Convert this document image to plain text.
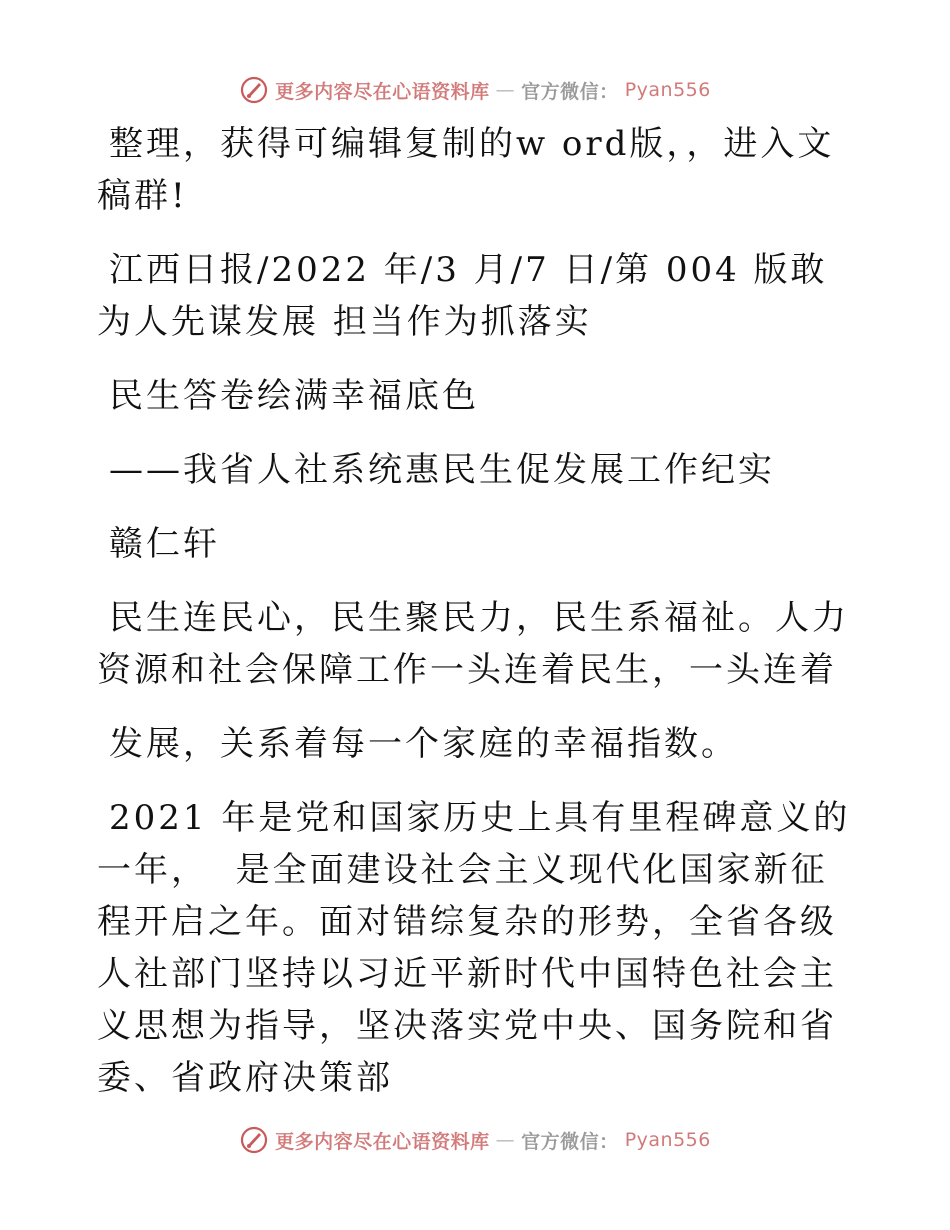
更多内容尽在心语资料库 — 官方微信： Pyan556

整理，获得可编辑复制的w ord版，，进入文稿群!

江西日报/2022 年/3 月/7 日/第 004 版敢为人先谋发展 担当作为抓落实

民生答卷绘满幸福底色

——我省人社系统惠民生促发展工作纪实

赣仁轩

民生连民心，民生聚民力，民生系福祉。人力资源和社会保障工作一头连着民生，一头连着

发展，关系着每一个家庭的幸福指数。

2021 年是党和国家历史上具有里程碑意义的一年，  是全面建设社会主义现代化国家新征程开启之年。面对错综复杂的形势，全省各级人社部门坚持以习近平新时代中国特色社会主义思想为指导，坚决落实党中央、国务院和省委、省政府决策部

更多内容尽在心语资料库 — 官方微信： Pyan556
